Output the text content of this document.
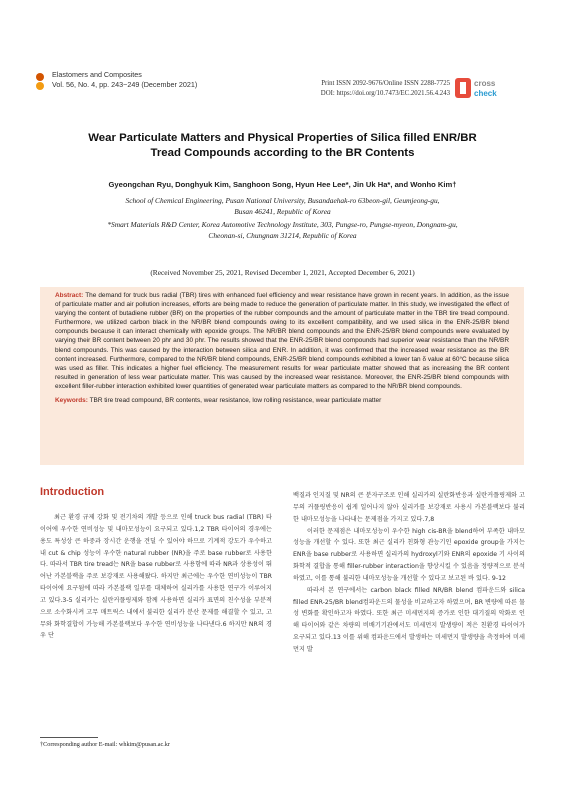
Elastomers and Composites
Vol. 56, No. 4, pp. 243~249 (December 2021)	Print ISSN 2092-9676/Online ISSN 2288-7725
DOI: https://doi.org/10.7473/EC.2021.56.4.243
cross
check
Wear Particulate Matters and Physical Properties of Silica filled ENR/BR
Tread Compounds according to the BR Contents
Gyeongchan Ryu, Donghyuk Kim, Sanghoon Song, Hyun Hee Lee*, Jin Uk Ha*, and Wonho Kim†
School of Chemical Engineering, Pusan National University, Busandaehak-ro 63beon-gil, Geumjeong-gu,
Busan 46241, Republic of Korea
*Smart Materials R&D Center, Korea Automotive Technology Institute, 303, Pungse-ro, Pungse-myeon, Dongnam-gu,
Cheonan-si, Chungnam 31214, Republic of Korea
(Received November 25, 2021, Revised December 1, 2021, Accepted December 6, 2021)
Abstract: The demand for truck bus radial (TBR) tires with enhanced fuel efficiency and wear resistance have grown in recent years. In addition, as the issue of particulate matter and air pollution increases, efforts are being made to reduce the generation of particulate matter. In this study, we investigated the effect of varying the content of butadiene rubber (BR) on the properties of the rubber compounds and the amount of particulate matter in the TBR tire tread compound. Furthermore, we utilized carbon black in the NR/BR blend compounds owing to its excellent compatibility, and we used silica in the ENR-25/BR blend compounds because it can interact chemically with epoxide groups. The NR/BR blend compounds and the ENR-25/BR blend compounds were evaluated by varying their BR content between 20 phr and 30 phr. The results showed that the ENR-25/BR blend compounds had superior wear resistance than the NR/BR blend compounds. This was caused by the interaction between silica and ENR. In addition, it was confirmed that the increased wear resistance as the BR content increased. Furthermore, compared to the NR/BR blend compounds, ENR-25/BR blend compounds exhibited a lower tan δ value at 60°C because silica was used as filler. This indicates a higher fuel efficiency. The measurement results for wear particulate matter showed that as increasing the BR content resulted in generation of less wear particulate matter. This was caused by the increased wear resistance. Moreover, the ENR-25/BR blend compounds with excellent filler-rubber interaction exhibited lower quantities of generated wear particulate matters as compared to the NR/BR blend compounds.
Keywords: TBR tire tread compound, BR contents, wear resistance, low rolling resistance, wear particulate matter
Introduction

최근 환경 규제 강화 및 전기차의 개발 등으로 인해 truck bus radial (TBR) 타이어에 우수한 연비성능 및 내마모성능이 요구되고 있다.1,2 TBR 타이어의 경우에는 용도 특성상 큰 하중과 장시간 운행을 견딜 수 있어야 하므로 기계적 강도가 우수하고 내 cut & chip 성능이 우수한 natural rubber (NR)을 주로 base rubber로 사용한다. 따라서 TBR tire tread는 NR을 base rubber로 사용함에 따라 NR과 상용성이 뛰어난 카본블랙을 주로 보강재로 사용해왔다. 하지만 최근에는 우수한 연비성능이 TBR 타이어에 요구됨에 따라 카본블랙 일부를 대체하여 실리카를 사용한 연구가 이루어지고 있다.3-5 실리카는 실란커플링제와 함께 사용하면 실리카 표면의 친수성을 부분적으로 소수화시켜 고무 매트릭스 내에서 불리한 실리카 분산 문제를 해결할 수 있고, 고무와 화학결합이 가능해 카본블랙보다 우수한 연비성능을 나타낸다.6 하지만 NR의 경우 단

백질과 인지질 및 NR의 큰 분자구조로 인해 실리카의 실란화반응과 실란커플링제와 고무의 커플링반응이 쉽게 일어나지 않아 실리카를 보강재로 사용시 카본블랙보다 불리한 내마모성능을 나타내는 문제점을 가지고 있다.7,8

이러한 문제점은 내마모성능이 우수한 high cis-BR을 blend하여 부족한 내마모성능을 개선할 수 있다. 또한 최근 실리카 친화형 관능기인 epoxide group을 가지는 ENR을 base rubber로 사용하면 실리카의 hydroxyl기와 ENR의 epoxide 기 사이의 화학적 결합을 통해 filler-rubber interaction을 향상시킬 수 있음을 정량적으로 분석하였고, 이를 통해 불리한 내마모성능을 개선할 수 있다고 보고된 바 있다. 9-12

따라서 본 연구에서는 carbon black filled NR/BR blend 컴파운드와 silica filled ENR-25/BR blend컴파운드의 물성을 비교하고자 하였으며, BR 변량에 따른 물성 변화를 확인하고자 하였다. 또한 최근 미세먼지의 증가로 인한 대기질의 악화로 인해 타이어와 같은 차량의 비배기기관에서도 미세먼지 발생량이 적은 친환경 타이어가 요구되고 있다.13 이를 위해 컴파운드에서 발생하는 미세먼지 발생량을 측정하여 미세먼지 발

†Corresponding author E-mail: whkim@pusan.ac.kr
